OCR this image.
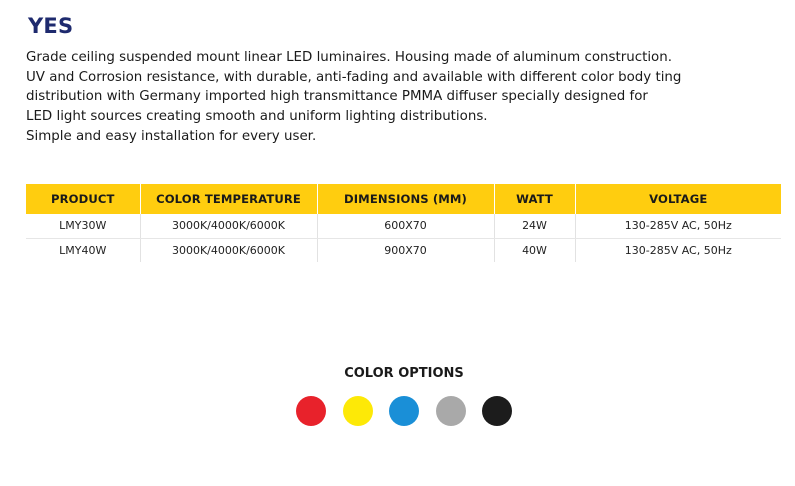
YES

Grade ceiling suspended mount linear LED luminaires. Housing made of aluminum construction.

UV and Corrosion resistance, with durable, anti-fading and available with different color body ting

distribution with Germany imported high transmittance PMMA diffuser specially designed for

LED light sources creating smooth and uniform lighting distributions.

Simple and easy installation for every user.

PRODUCT	COLOR TEMPERATURE	DIMENSIONS (MM)	WATT	VOLTAGE
LMY30W	3000K/4000K/6000K	600X70	24W	130-285V AC, 50Hz
LMY40W	3000K/4000K/6000K	900X70	40W	130-285V AC, 50Hz
COLOR OPTIONS
